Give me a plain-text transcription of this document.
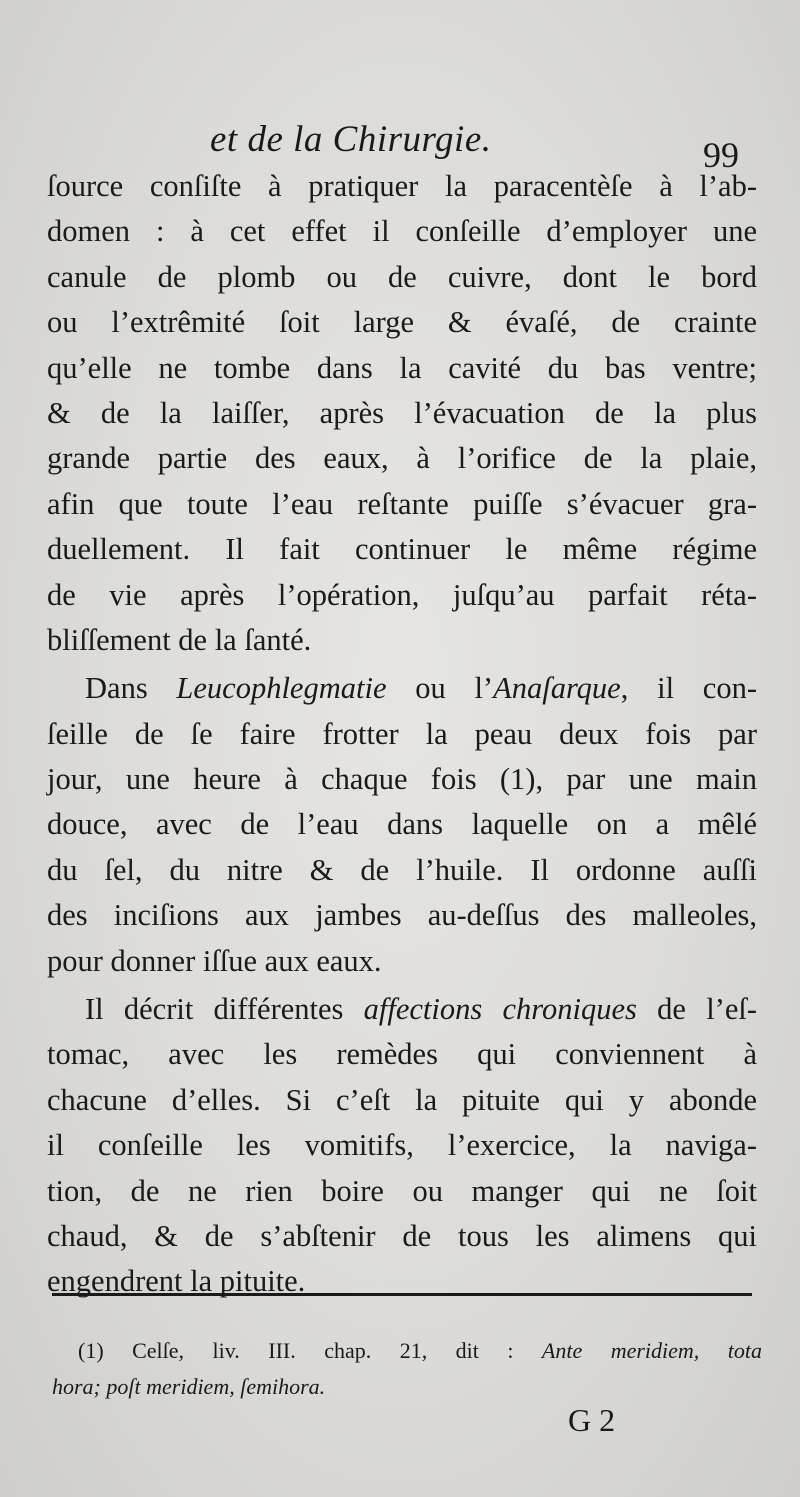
et de la Chirurgie.	99
ſource conſiſte à pratiquer la paracentèſe à l’ab-
domen : à cet effet il conſeille d’employer une
canule de plomb ou de cuivre, dont le bord
ou l’extrêmité ſoit large & évaſé, de crainte
qu’elle ne tombe dans la cavité du bas ventre;
& de la laiſſer, après l’évacuation de la plus
grande partie des eaux, à l’orifice de la plaie,
afin que toute l’eau reſtante puiſſe s’évacuer gra-
duellement. Il fait continuer le même régime
de vie après l’opération, juſqu’au parfait réta-
bliſſement de la ſanté.
Dans Leucophlegmatie ou l’Anaſarque, il con-
ſeille de ſe faire frotter la peau deux fois par
jour, une heure à chaque fois (1), par une main
douce, avec de l’eau dans laquelle on a mêlé
du ſel, du nitre & de l’huile. Il ordonne auſſi
des inciſions aux jambes au-deſſus des malleoles,
pour donner iſſue aux eaux.
Il décrit différentes affections chroniques de l’eſ-
tomac, avec les remèdes qui conviennent à
chacune d’elles. Si c’eſt la pituite qui y abonde
il conſeille les vomitifs, l’exercice, la naviga-
tion, de ne rien boire ou manger qui ne ſoit
chaud, & de s’abſtenir de tous les alimens qui
engendrent la pituite.
(1) Celſe, liv. III. chap. 21, dit : Ante meridiem, tota
hora; poſt meridiem, ſemihora.
G 2
